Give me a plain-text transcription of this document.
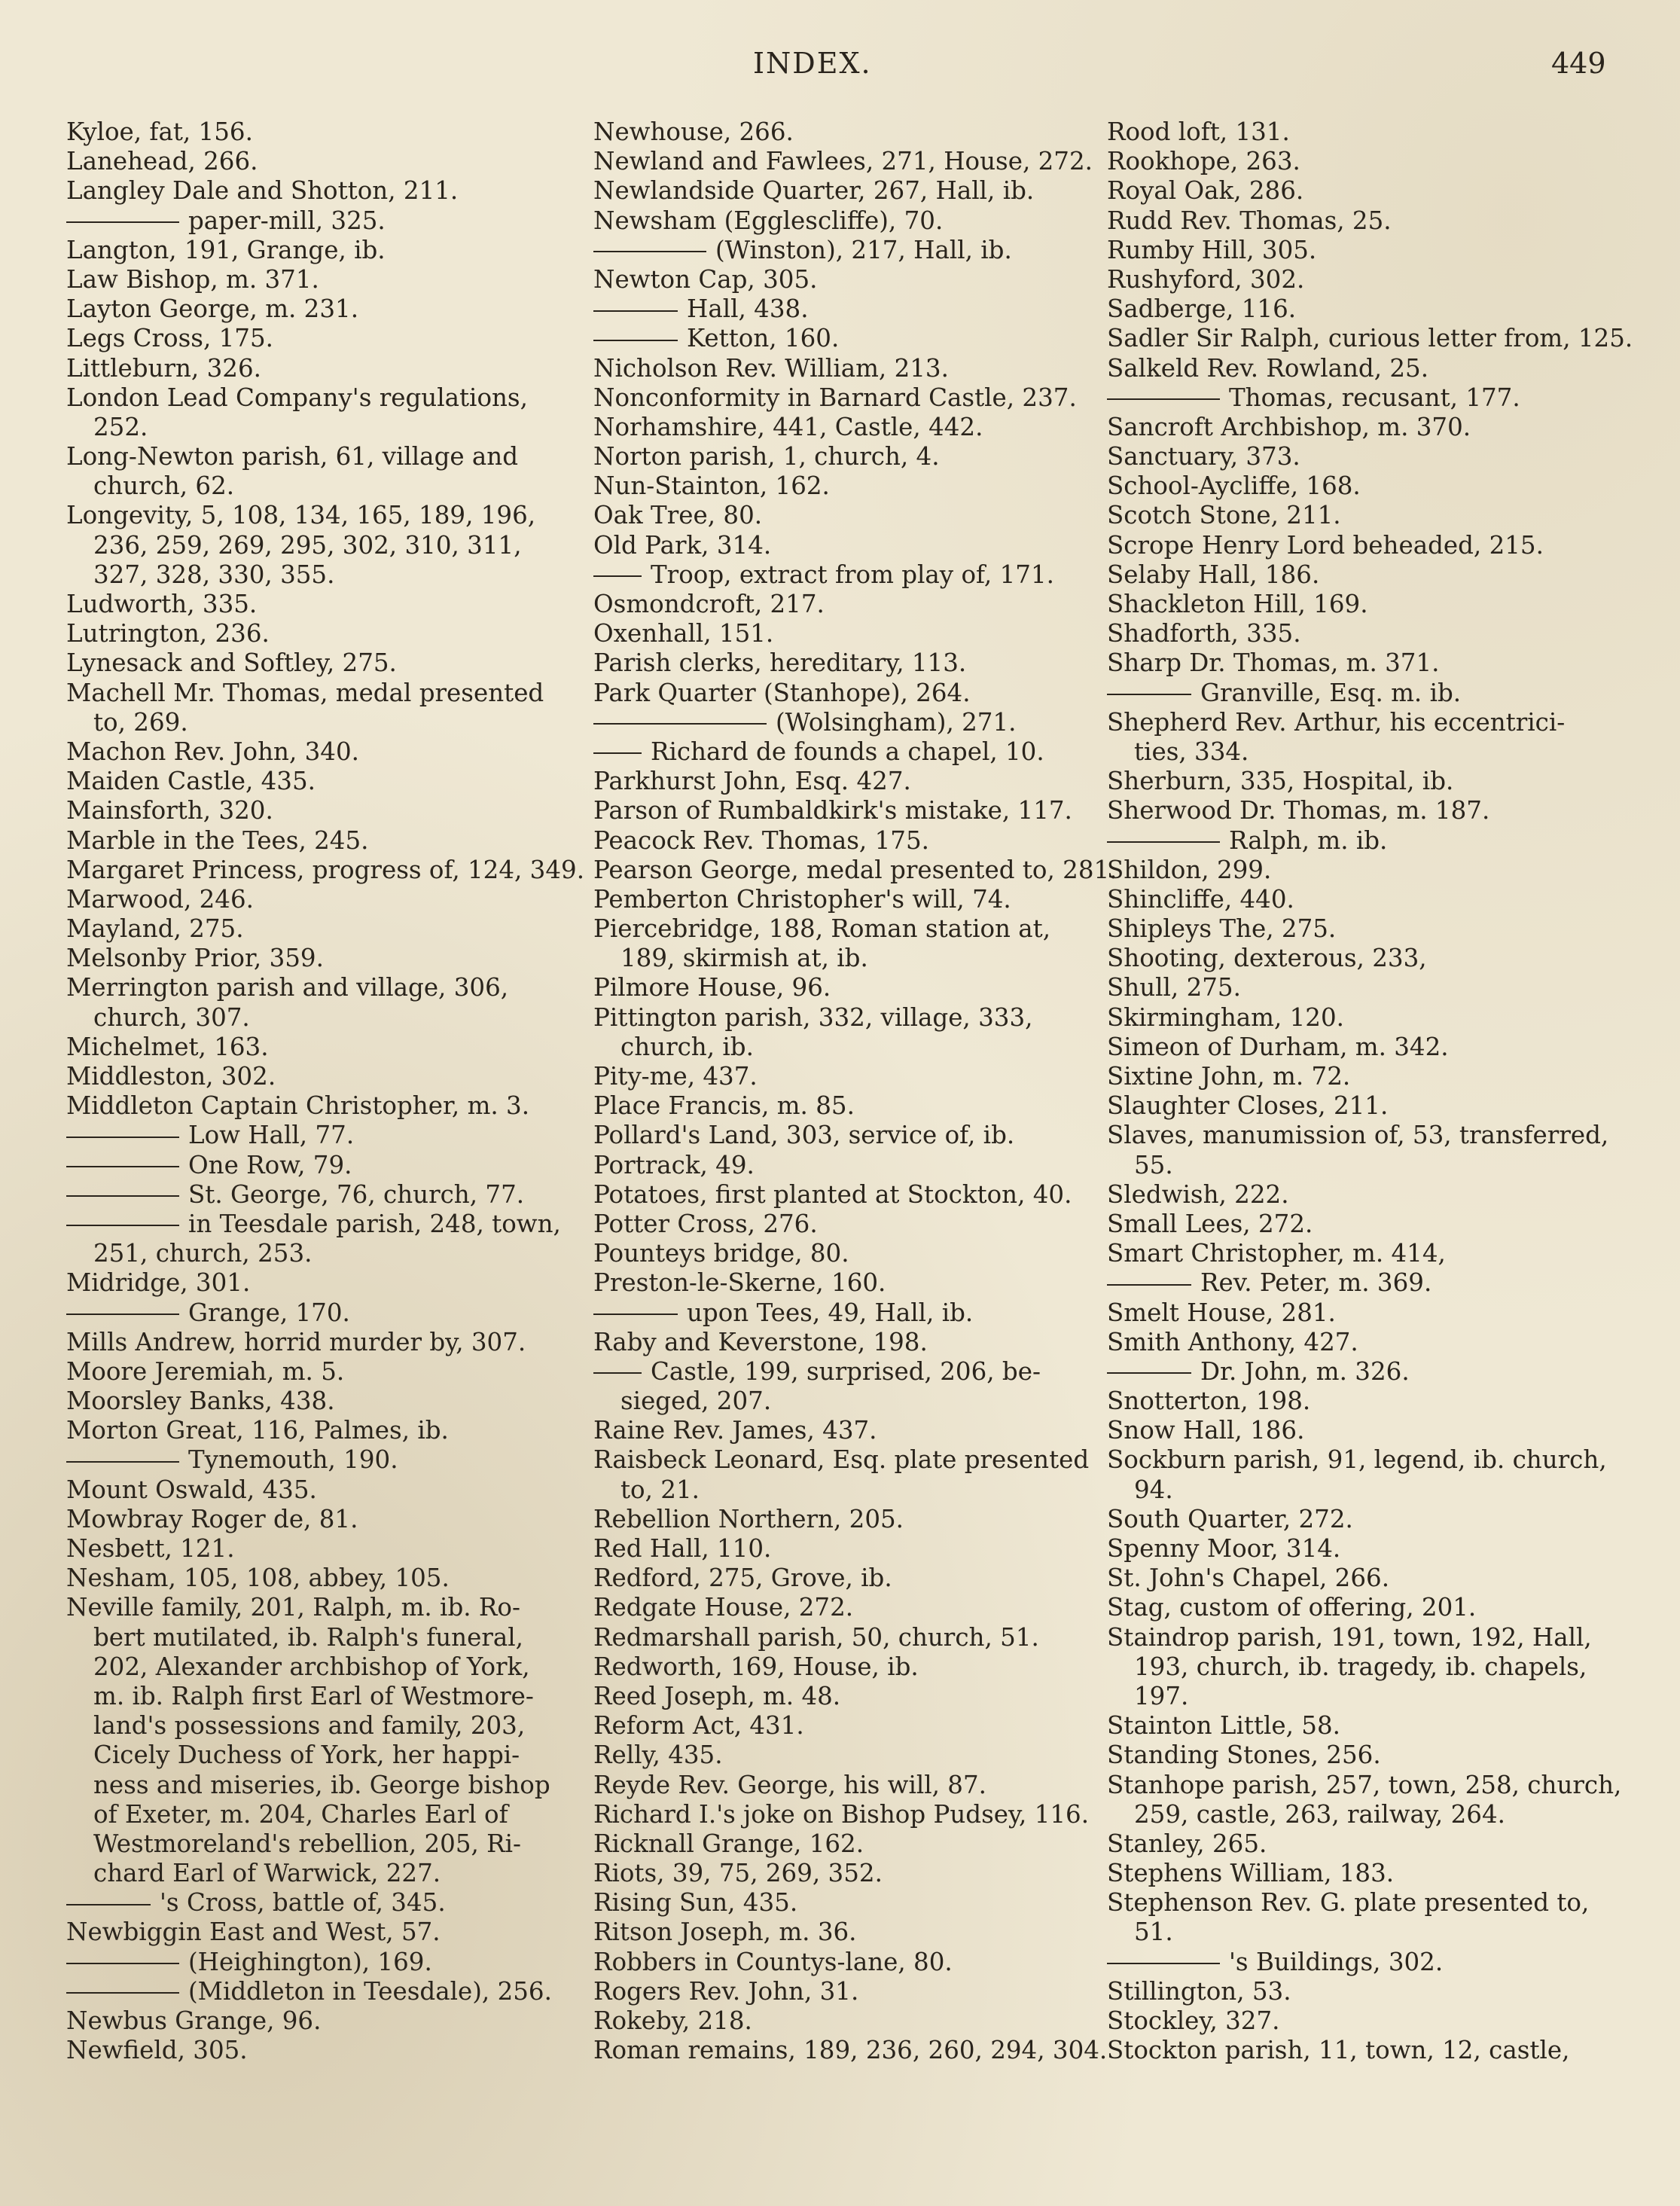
INDEX.	449
Kyloe, fat, 156.
Lanehead, 266.
Langley Dale and Shotton, 211.
paper-mill, 325.
Langton, 191, Grange, ib.
Law Bishop, m. 371.
Layton George, m. 231.
Legs Cross, 175.
Littleburn, 326.
London Lead Company's regulations,
252.
Long-Newton parish, 61, village and
church, 62.
Longevity, 5, 108, 134, 165, 189, 196,
236, 259, 269, 295, 302, 310, 311,
327, 328, 330, 355.
Ludworth, 335.
Lutrington, 236.
Lynesack and Softley, 275.
Machell Mr. Thomas, medal presented
to, 269.
Machon Rev. John, 340.
Maiden Castle, 435.
Mainsforth, 320.
Marble in the Tees, 245.
Margaret Princess, progress of, 124, 349.
Marwood, 246.
Mayland, 275.
Melsonby Prior, 359.
Merrington parish and village, 306,
church, 307.
Michelmet, 163.
Middleston, 302.
Middleton Captain Christopher, m. 3.
Low Hall, 77.
One Row, 79.
St. George, 76, church, 77.
in Teesdale parish, 248, town,
251, church, 253.
Midridge, 301.
Grange, 170.
Mills Andrew, horrid murder by, 307.
Moore Jeremiah, m. 5.
Moorsley Banks, 438.
Morton Great, 116, Palmes, ib.
Tynemouth, 190.
Mount Oswald, 435.
Mowbray Roger de, 81.
Nesbett, 121.
Nesham, 105, 108, abbey, 105.
Neville family, 201, Ralph, m. ib. Ro-
bert mutilated, ib. Ralph's funeral,
202, Alexander archbishop of York,
m. ib. Ralph first Earl of Westmore-
land's possessions and family, 203,
Cicely Duchess of York, her happi-
ness and miseries, ib. George bishop
of Exeter, m. 204, Charles Earl of
Westmoreland's rebellion, 205, Ri-
chard Earl of Warwick, 227.
's Cross, battle of, 345.
Newbiggin East and West, 57.
(Heighington), 169.
(Middleton in Teesdale), 256.
Newbus Grange, 96.
Newfield, 305.
Newhouse, 266.
Newland and Fawlees, 271, House, 272.
Newlandside Quarter, 267, Hall, ib.
Newsham (Egglescliffe), 70.
(Winston), 217, Hall, ib.
Newton Cap, 305.
Hall, 438.
Ketton, 160.
Nicholson Rev. William, 213.
Nonconformity in Barnard Castle, 237.
Norhamshire, 441, Castle, 442.
Norton parish, 1, church, 4.
Nun-Stainton, 162.
Oak Tree, 80.
Old Park, 314.
Troop, extract from play of, 171.
Osmondcroft, 217.
Oxenhall, 151.
Parish clerks, hereditary, 113.
Park Quarter (Stanhope), 264.
(Wolsingham), 271.
Richard de founds a chapel, 10.
Parkhurst John, Esq. 427.
Parson of Rumbaldkirk's mistake, 117.
Peacock Rev. Thomas, 175.
Pearson George, medal presented to, 281.
Pemberton Christopher's will, 74.
Piercebridge, 188, Roman station at,
189, skirmish at, ib.
Pilmore House, 96.
Pittington parish, 332, village, 333,
church, ib.
Pity-me, 437.
Place Francis, m. 85.
Pollard's Land, 303, service of, ib.
Portrack, 49.
Potatoes, first planted at Stockton, 40.
Potter Cross, 276.
Pounteys bridge, 80.
Preston-le-Skerne, 160.
upon Tees, 49, Hall, ib.
Raby and Keverstone, 198.
Castle, 199, surprised, 206, be-
sieged, 207.
Raine Rev. James, 437.
Raisbeck Leonard, Esq. plate presented
to, 21.
Rebellion Northern, 205.
Red Hall, 110.
Redford, 275, Grove, ib.
Redgate House, 272.
Redmarshall parish, 50, church, 51.
Redworth, 169, House, ib.
Reed Joseph, m. 48.
Reform Act, 431.
Relly, 435.
Reyde Rev. George, his will, 87.
Richard I.'s joke on Bishop Pudsey, 116.
Ricknall Grange, 162.
Riots, 39, 75, 269, 352.
Rising Sun, 435.
Ritson Joseph, m. 36.
Robbers in Countys-lane, 80.
Rogers Rev. John, 31.
Rokeby, 218.
Roman remains, 189, 236, 260, 294, 304.
Rood loft, 131.
Rookhope, 263.
Royal Oak, 286.
Rudd Rev. Thomas, 25.
Rumby Hill, 305.
Rushyford, 302.
Sadberge, 116.
Sadler Sir Ralph, curious letter from, 125.
Salkeld Rev. Rowland, 25.
Thomas, recusant, 177.
Sancroft Archbishop, m. 370.
Sanctuary, 373.
School-Aycliffe, 168.
Scotch Stone, 211.
Scrope Henry Lord beheaded, 215.
Selaby Hall, 186.
Shackleton Hill, 169.
Shadforth, 335.
Sharp Dr. Thomas, m. 371.
Granville, Esq. m. ib.
Shepherd Rev. Arthur, his eccentrici-
ties, 334.
Sherburn, 335, Hospital, ib.
Sherwood Dr. Thomas, m. 187.
Ralph, m. ib.
Shildon, 299.
Shincliffe, 440.
Shipleys The, 275.
Shooting, dexterous, 233,
Shull, 275.
Skirmingham, 120.
Simeon of Durham, m. 342.
Sixtine John, m. 72.
Slaughter Closes, 211.
Slaves, manumission of, 53, transferred,
55.
Sledwish, 222.
Small Lees, 272.
Smart Christopher, m. 414,
Rev. Peter, m. 369.
Smelt House, 281.
Smith Anthony, 427.
Dr. John, m. 326.
Snotterton, 198.
Snow Hall, 186.
Sockburn parish, 91, legend, ib. church,
94.
South Quarter, 272.
Spenny Moor, 314.
St. John's Chapel, 266.
Stag, custom of offering, 201.
Staindrop parish, 191, town, 192, Hall,
193, church, ib. tragedy, ib. chapels,
197.
Stainton Little, 58.
Standing Stones, 256.
Stanhope parish, 257, town, 258, church,
259, castle, 263, railway, 264.
Stanley, 265.
Stephens William, 183.
Stephenson Rev. G. plate presented to,
51.
's Buildings, 302.
Stillington, 53.
Stockley, 327.
Stockton parish, 11, town, 12, castle,
